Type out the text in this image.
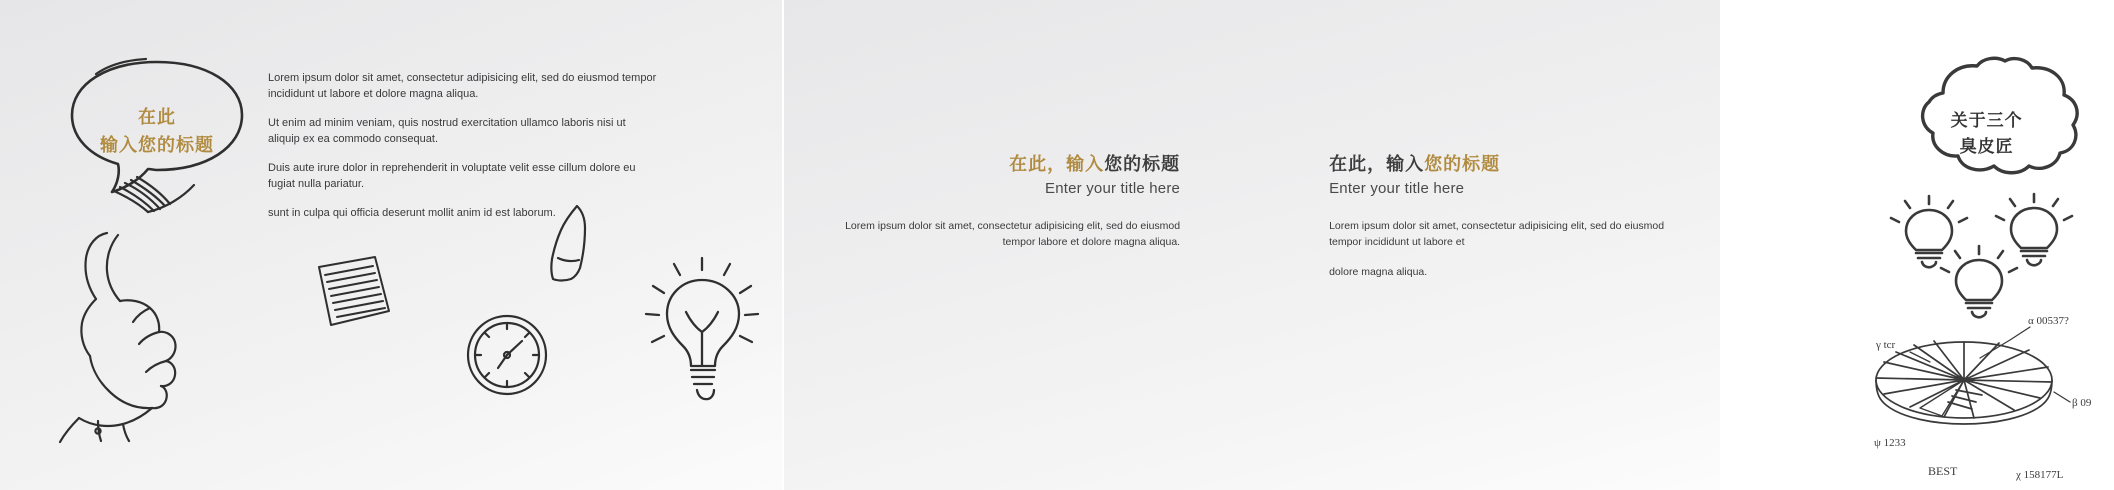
在此
输入您的标题

Lorem ipsum dolor sit amet, consectetur adipisicing elit, sed do eiusmod tempor incididunt ut labore et dolore magna aliqua.

Ut enim ad minim veniam, quis nostrud exercitation ullamco laboris nisi ut aliquip ex ea commodo consequat.

Duis aute irure dolor in reprehenderit in voluptate velit esse cillum dolore eu fugiat nulla pariatur.

sunt in culpa qui officia deserunt mollit anim id est laborum.

关于三个
臭皮匠
在此，输入您的标题
Enter your title here
Lorem ipsum dolor sit amet, consectetur adipisicing elit, sed do eiusmod tempor labore et dolore magna aliqua.
在此，输入您的标题
Enter your title here

Lorem ipsum dolor sit amet, consectetur adipisicing elit, sed do eiusmod tempor incididunt ut labore et

dolore magna aliqua.

α 00537?
γ tcr
β 09
ψ 1233
BEST	χ 158177L
